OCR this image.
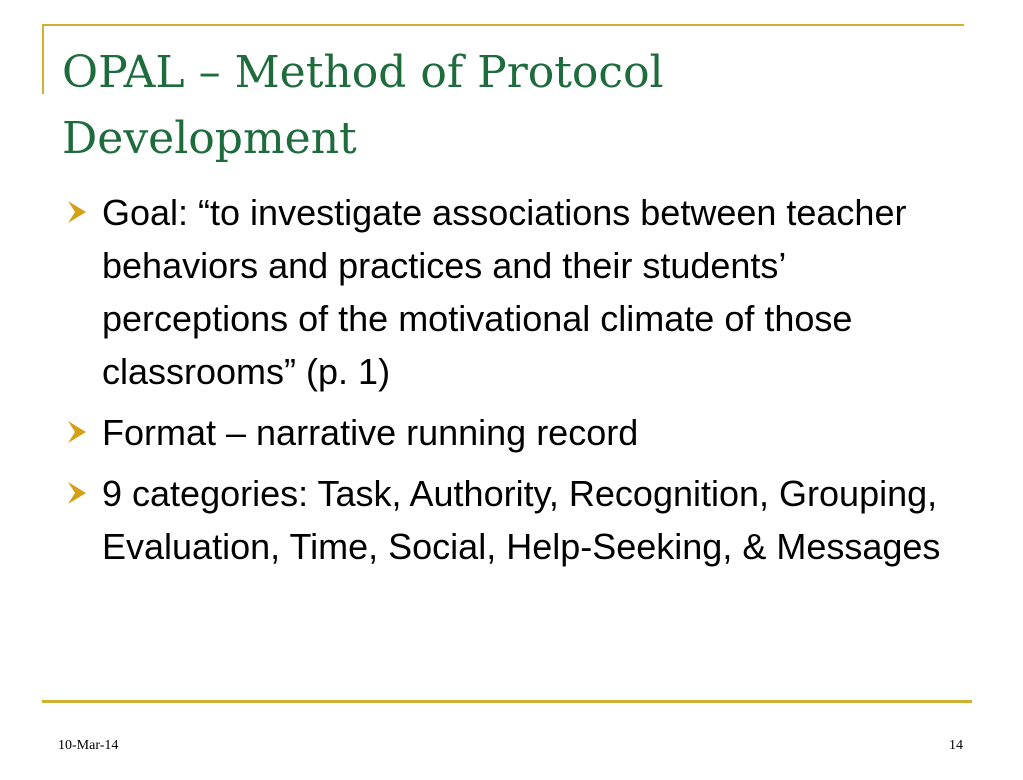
OPAL – Method of Protocol Development
Goal: “to investigate associations between teacher behaviors and practices and their students’ perceptions of the motivational climate of those classrooms” (p. 1)
Format – narrative running record
9 categories: Task, Authority, Recognition, Grouping, Evaluation, Time, Social, Help-Seeking, & Messages
10-Mar-14	14
